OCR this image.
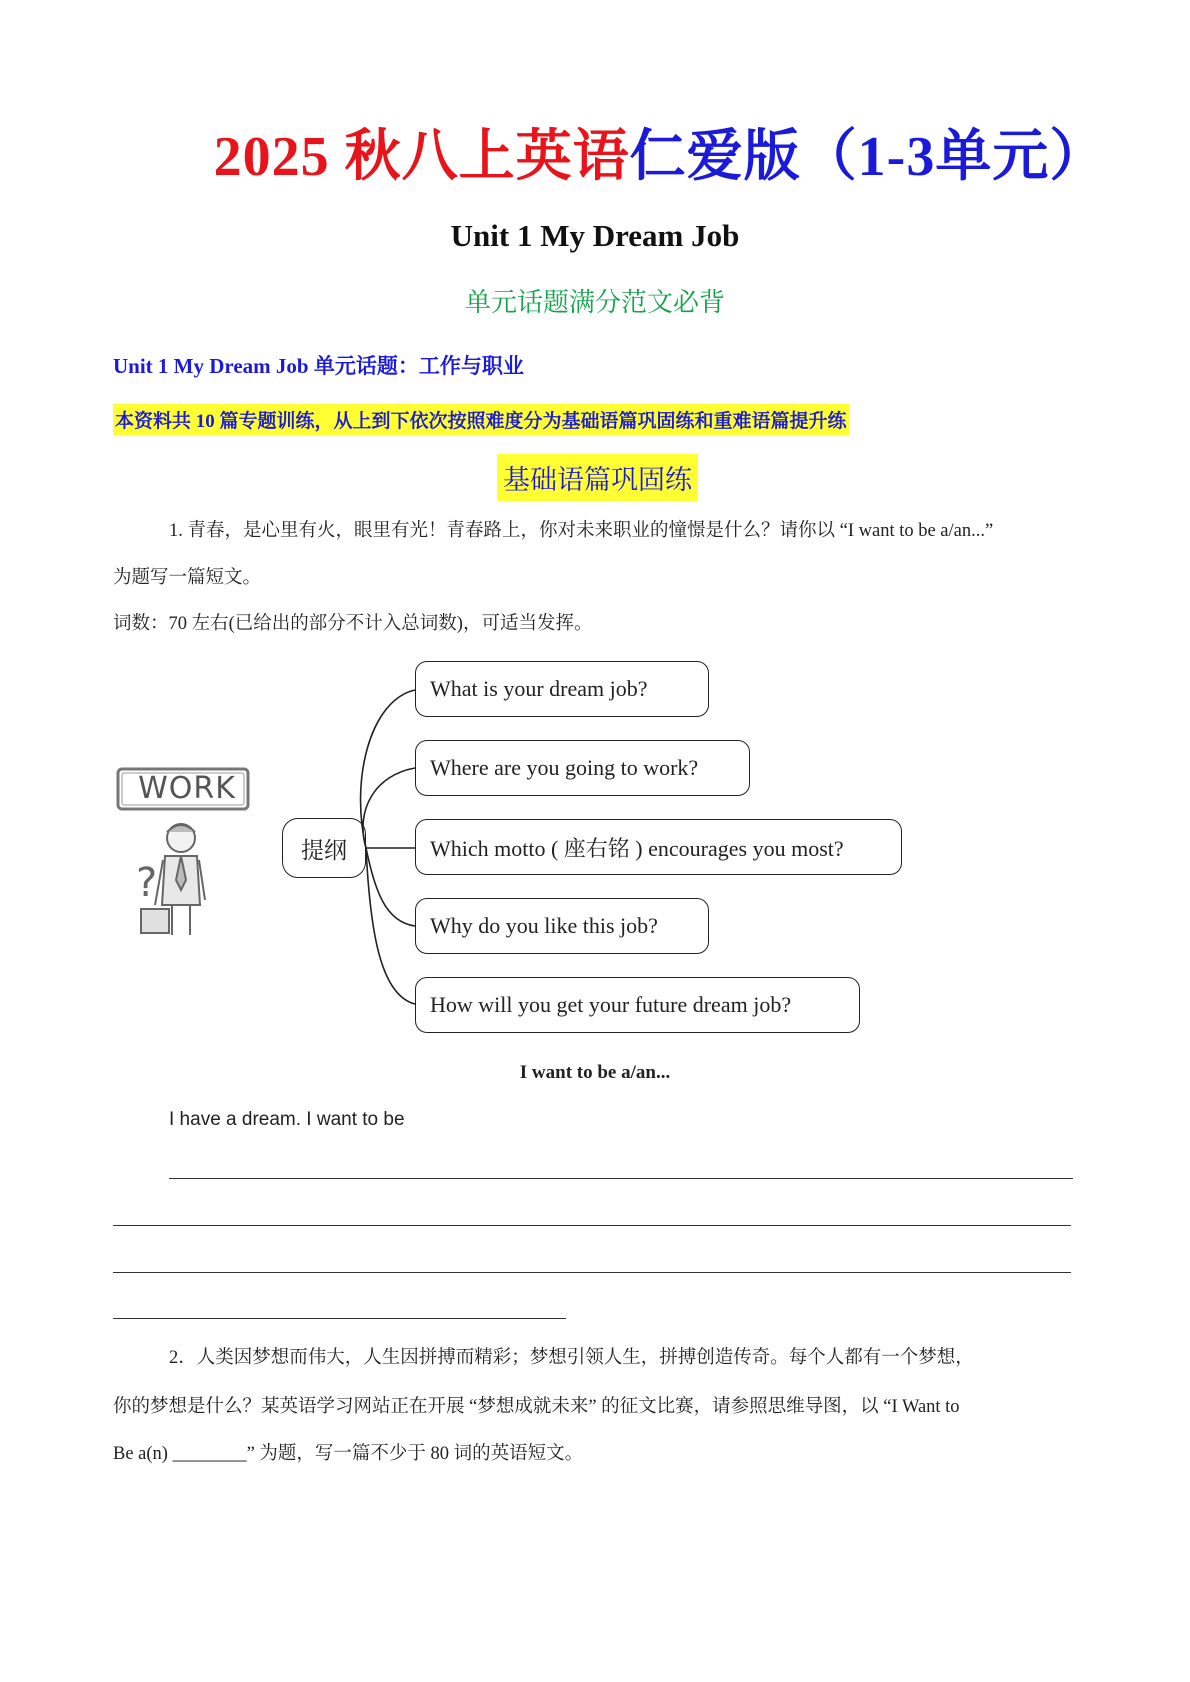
2025 秋八上英语仁爱版（1-3单元）
Unit 1 My Dream Job
单元话题满分范文必背
Unit 1 My Dream Job 单元话题：工作与职业
本资料共 10 篇专题训练，从上到下依次按照难度分为基础语篇巩固练和重难语篇提升练
基础语篇巩固练
1. 青春，是心里有火，眼里有光！青春路上，你对未来职业的憧憬是什么？请你以 “I want to be a/an...”
为题写一篇短文。
词数：70 左右(已给出的部分不计入总词数)，可适当发挥。
WORK
?
提纲
What is your dream job?
Where are you going to work?
Which motto ( 座右铭 ) encourages you most?
Why do you like this job?
How will you get your future dream job?
I want to be a/an...
I have a dream. I want to be
2．人类因梦想而伟大，人生因拼搏而精彩；梦想引领人生，拼搏创造传奇。每个人都有一个梦想，
你的梦想是什么？某英语学习网站正在开展 “梦想成就未来” 的征文比赛，请参照思维导图，以 “I Want to
Be a(n) ________” 为题，写一篇不少于 80 词的英语短文。
